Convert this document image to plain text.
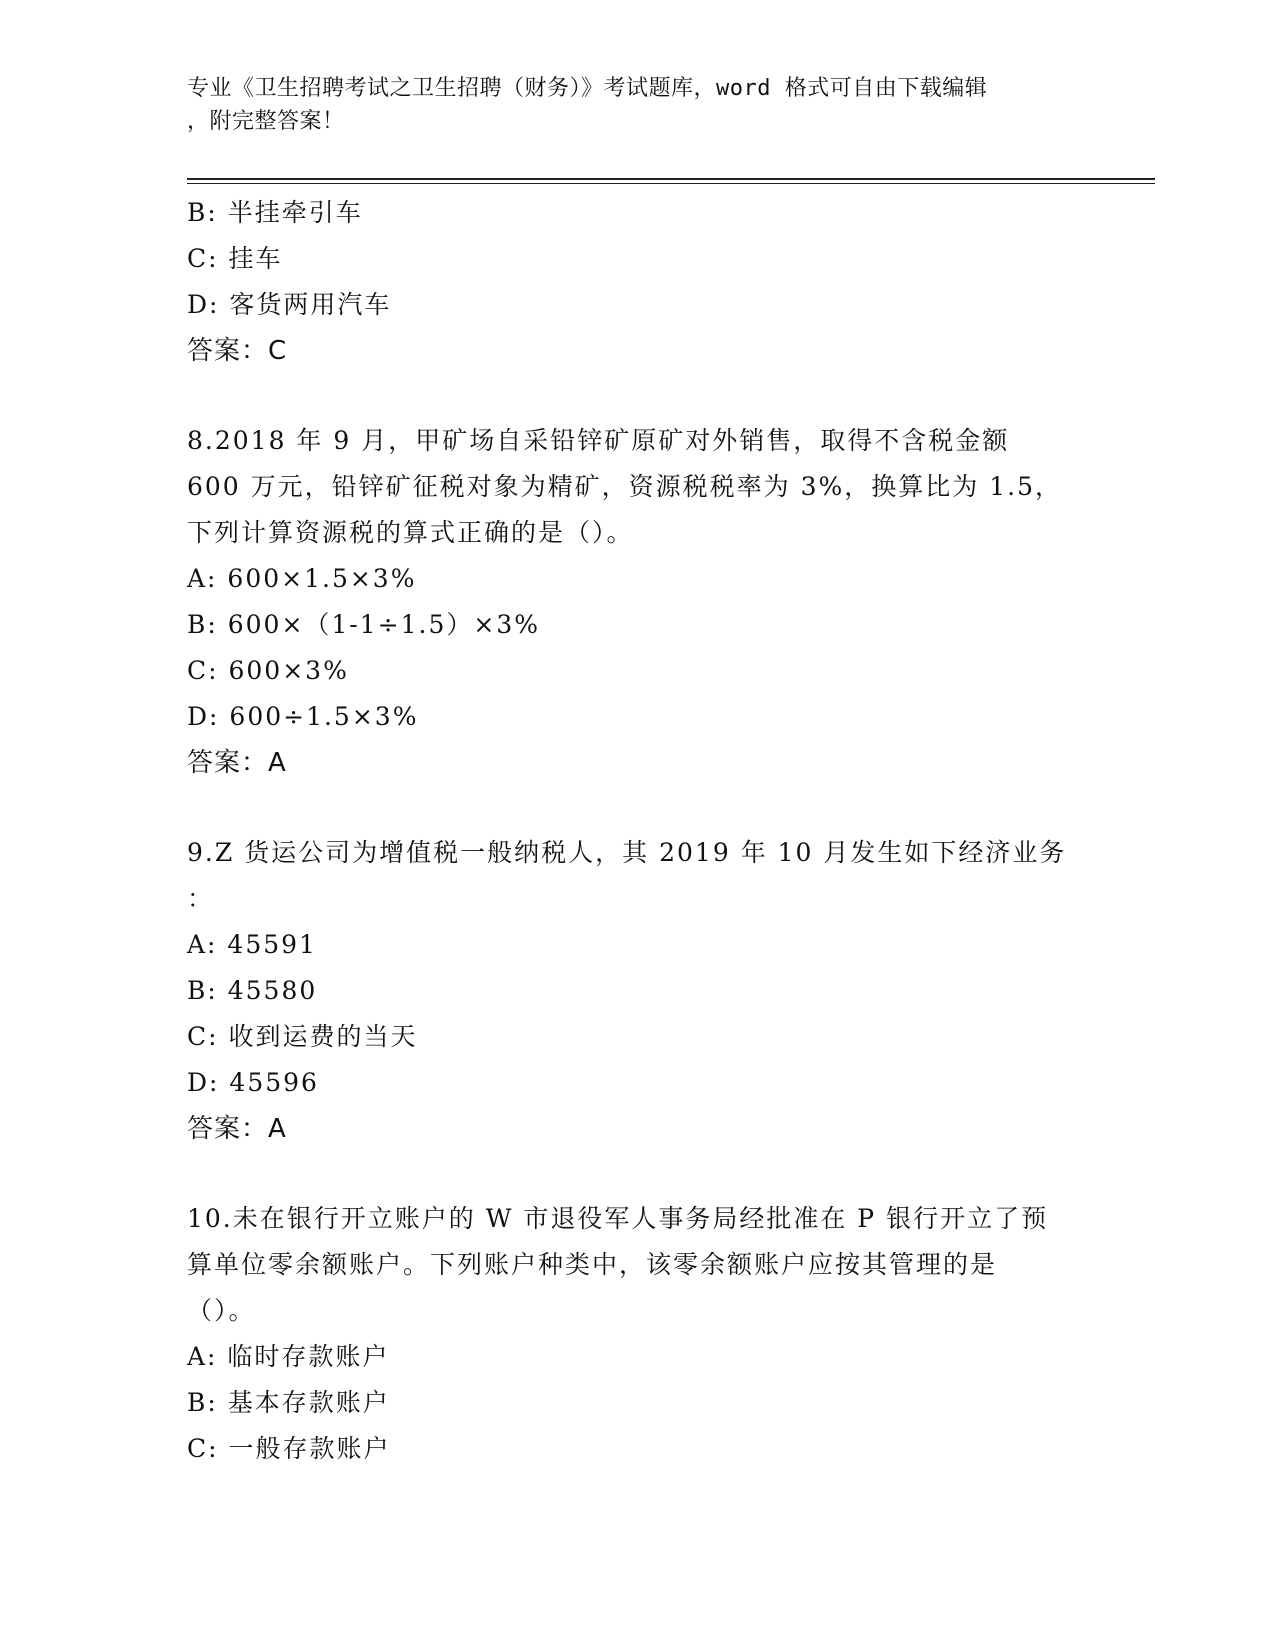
专业《卫生招聘考试之卫生招聘（财务）》考试题库，word 格式可自由下载编辑
，附完整答案！
B: 半挂牵引车
C: 挂车
D: 客货两用汽车
答案：C
8.2018 年 9 月，甲矿场自采铅锌矿原矿对外销售，取得不含税金额
600 万元，铅锌矿征税对象为精矿，资源税税率为 3%，换算比为 1.5，
下列计算资源税的算式正确的是（）。
A: 600×1.5×3%
B: 600×（1-1÷1.5）×3%
C: 600×3%
D: 600÷1.5×3%
答案：A
9.Z 货运公司为增值税一般纳税人，其 2019 年 10 月发生如下经济业务
：
A: 45591
B: 45580
C: 收到运费的当天
D: 45596
答案：A
10.未在银行开立账户的 W 市退役军人事务局经批准在 P 银行开立了预
算单位零余额账户。下列账户种类中，该零余额账户应按其管理的是
（）。
A: 临时存款账户
B: 基本存款账户
C: 一般存款账户
